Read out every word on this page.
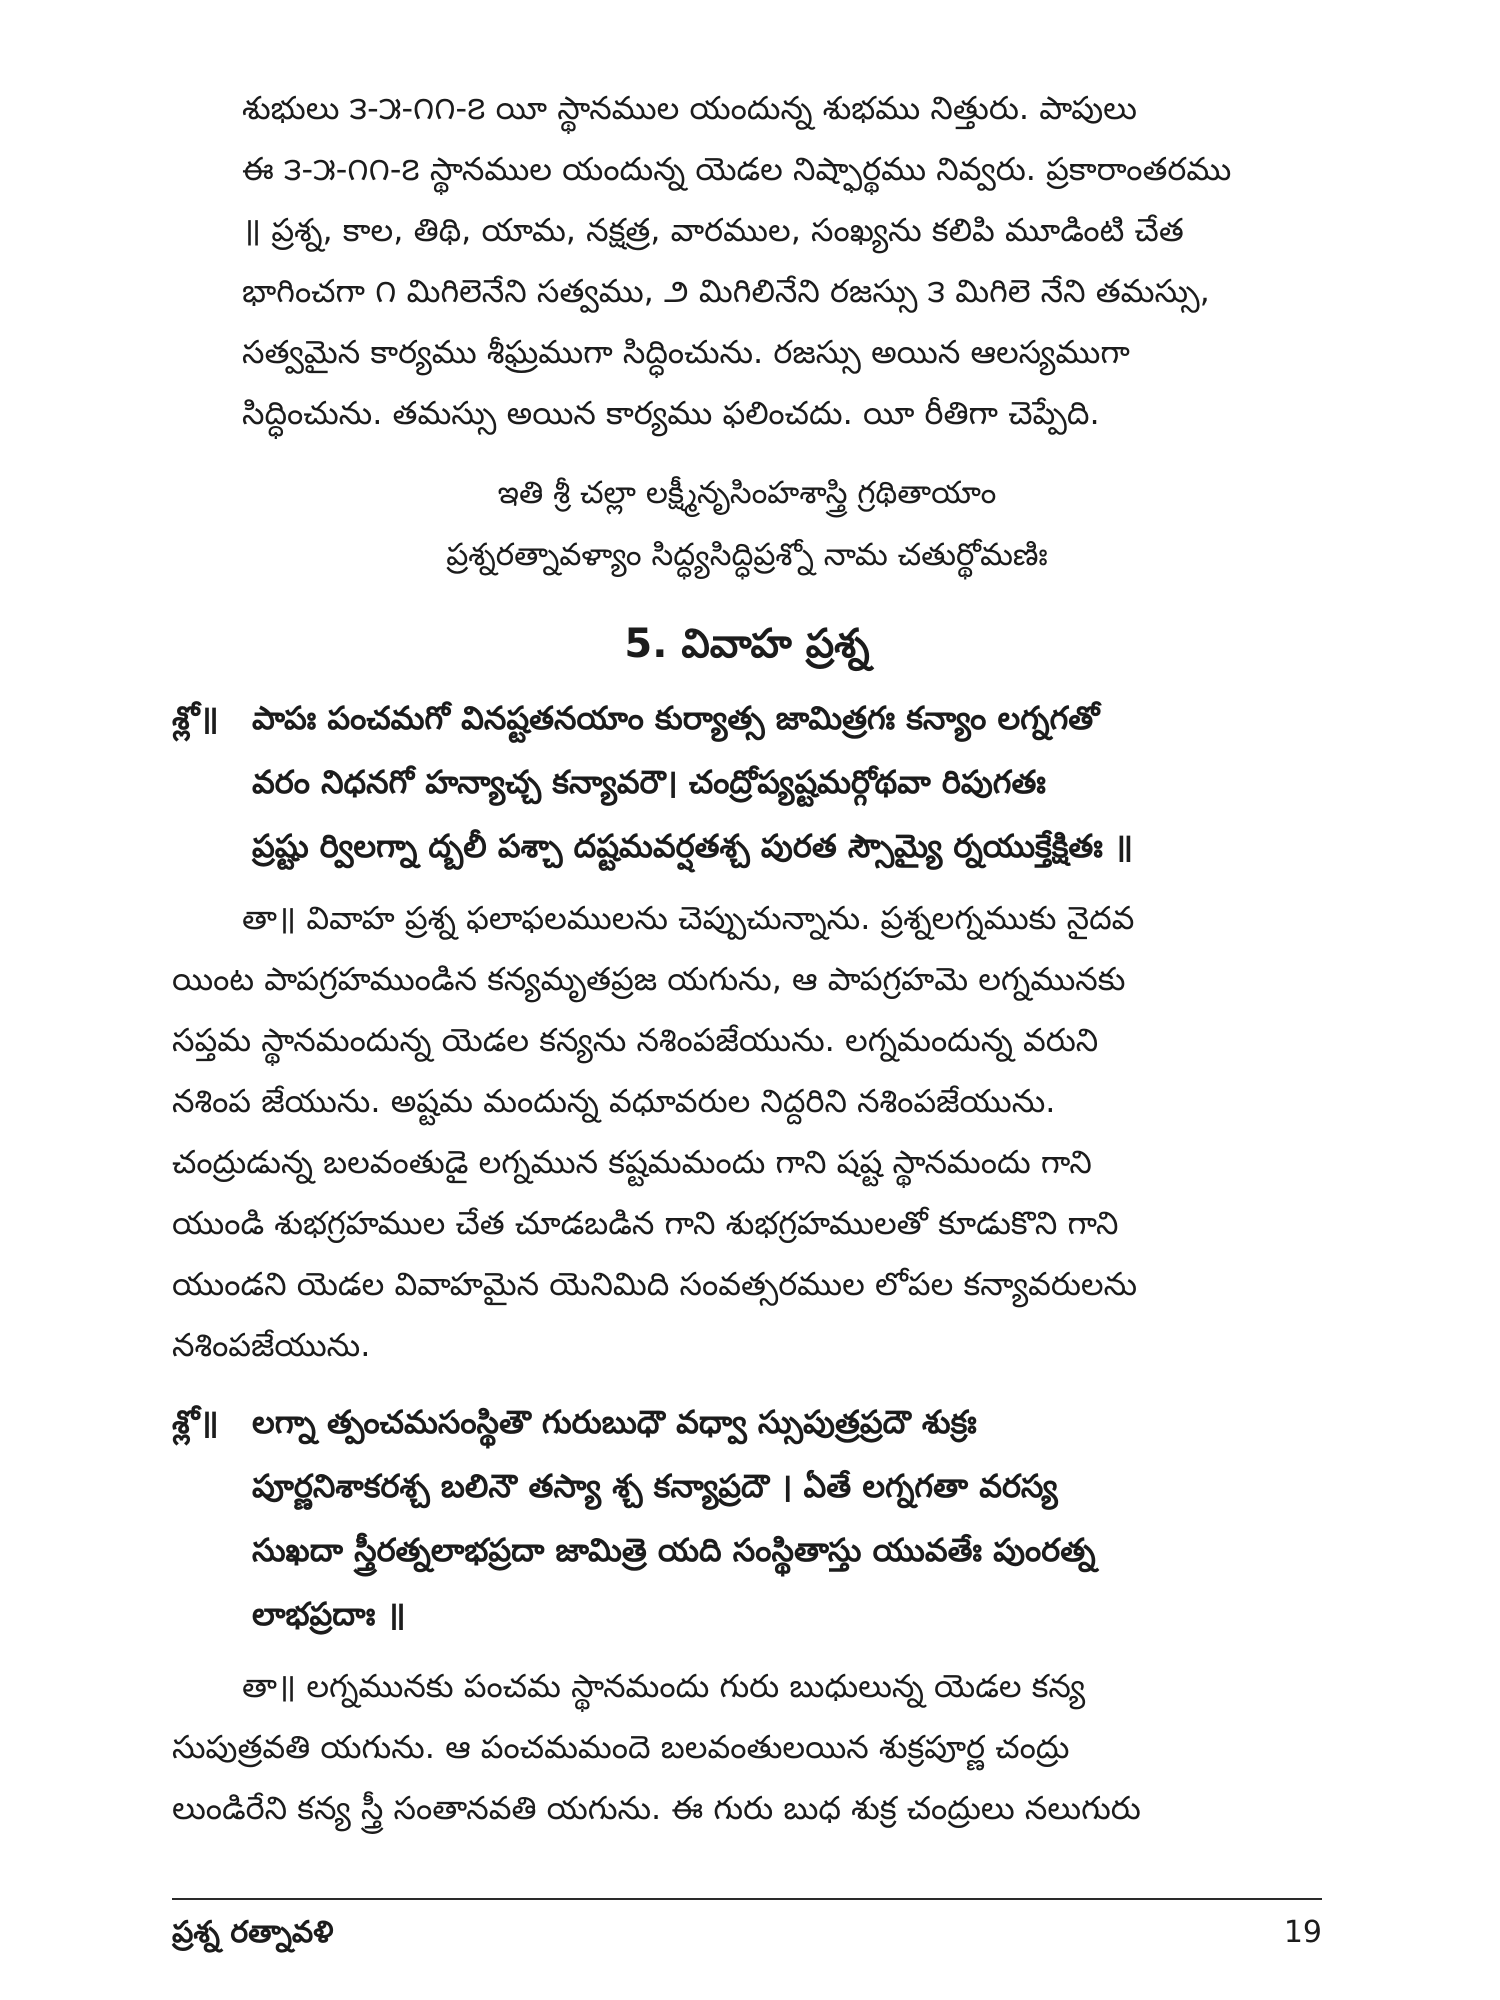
శుభులు ౩-౫-౧౧-౭ యీ స్థానముల యందున్న శుభము నిత్తురు. పాపులు

ఈ ౩-౫-౧౧-౭ స్థానముల యందున్న యెడల నిష్ఫార్థము నివ్వరు. ప్రకారాంతరము

॥ ప్రశ్న, కాల, తిథి, యామ, నక్షత్ర, వారముల, సంఖ్యను కలిపి మూడింటి చేత

భాగించగా ౧ మిగిలెనేని సత్వము, ౨ మిగిలినేని రజస్సు ౩ మిగిలె నేని తమస్సు,

సత్వమైన కార్యము శీఘ్రముగా సిద్ధించును. రజస్సు అయిన ఆలస్యముగా

సిద్ధించును. తమస్సు అయిన కార్యము ఫలించదు. యీ రీతిగా చెప్పేది.

ఇతి శ్రీ చల్లా లక్ష్మీనృసింహశాస్త్రి గ్రథితాయాం

ప్రశ్నరత్నావళ్యాం సిద్ధ్యసిద్ధిప్రశ్నో నామ చతుర్థోమణిః

5. వివాహ ప్రశ్న
శ్లో॥ పాపః పంచమగో వినష్టతనయాం కుర్యాత్స జామిత్రగః కన్యాం లగ్నగతో

వరం నిధనగో హన్యాచ్చ కన్యావరౌ। చంద్రోప్యష్టమర్గోథవా రిపుగతః

ప్రష్టు ర్విలగ్నా ద్బలీ పశ్చా దష్టమవర్షతశ్చ పురత స్సౌమ్యై ర్నయుక్తేక్షితః ॥

తా॥ వివాహ ప్రశ్న ఫలాఫలములను చెప్పుచున్నాను. ప్రశ్నలగ్నముకు నైదవ

యింట పాపగ్రహముండిన కన్యమృతప్రజ యగును, ఆ పాపగ్రహమె లగ్నమునకు

సప్తమ స్థానమందున్న యెడల కన్యను నశింపజేయును. లగ్నమందున్న వరుని

నశింప జేయును. అష్టమ మందున్న వధూవరుల నిద్దరిని నశింపజేయును.

చంద్రుడున్న బలవంతుడై లగ్నమున కష్టమమందు గాని షష్ట స్థానమందు గాని

యుండి శుభగ్రహముల చేత చూడబడిన గాని శుభగ్రహములతో కూడుకొని గాని

యుండని యెడల వివాహమైన యెనిమిది సంవత్సరముల లోపల కన్యావరులను

నశింపజేయును.

శ్లో॥ లగ్నా త్పంచమసంస్థితౌ గురుబుధౌ వధ్వా స్సుపుత్రప్రదౌ శుక్రః

పూర్ణనిశాకరశ్చ బలినౌ తస్యా శ్చ కన్యాప్రదౌ । ఏతే లగ్నగతా వరస్య

సుఖదా స్త్రీరత్నలాభప్రదా జామిత్రె యది సంస్థితాస్తు యువతేః పుంరత్న

లాభప్రదాః ॥

తా॥ లగ్నమునకు పంచమ స్థానమందు గురు బుధులున్న యెడల కన్య

సుపుత్రవతి యగును. ఆ పంచమమందె బలవంతులయిన శుక్రపూర్ణ చంద్రు

లుండిరేని కన్య స్త్రీ సంతానవతి యగును. ఈ గురు బుధ శుక్ర చంద్రులు నలుగురు

ప్రశ్న రత్నావళి	19
